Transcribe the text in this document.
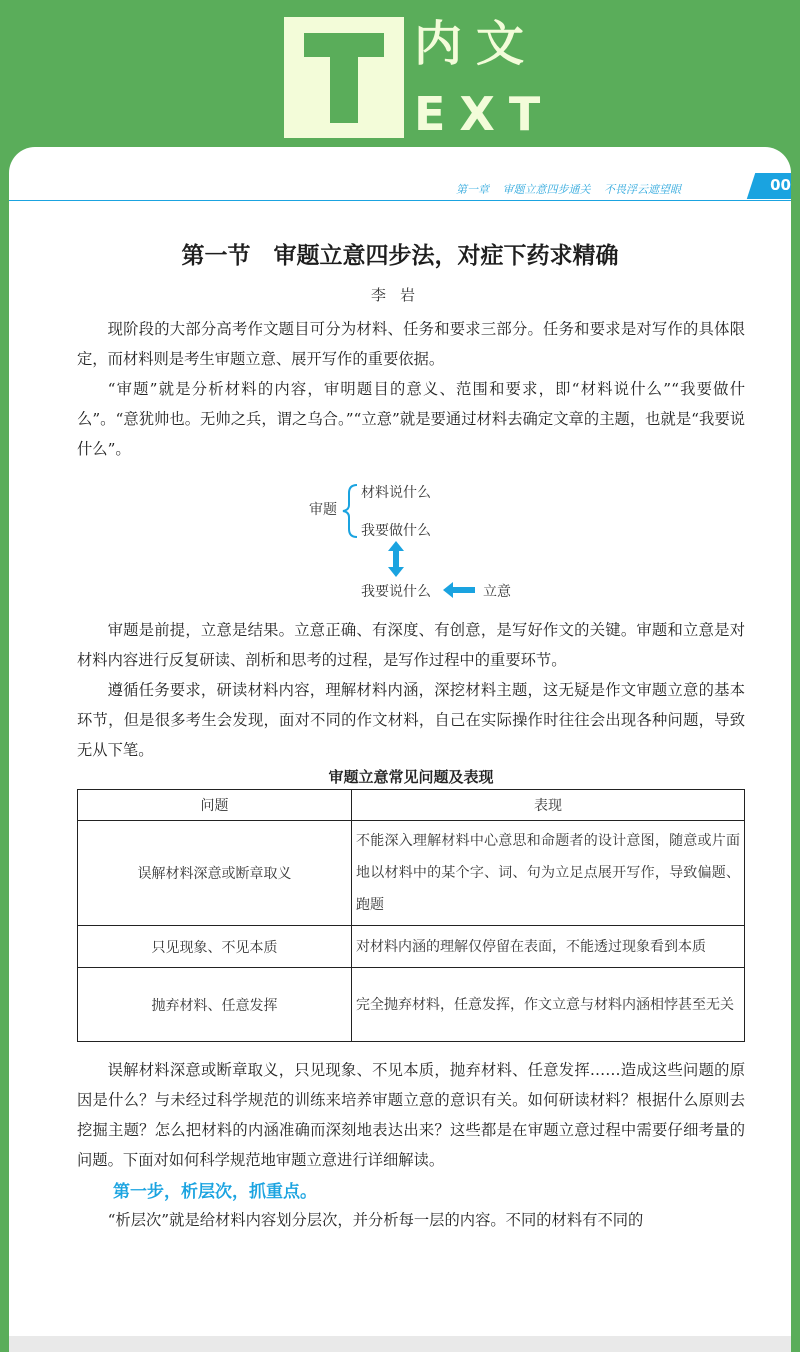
内文
EXT
第一章 审题立意四步通关 不畏浮云遮望眼	00
第一节　审题立意四步法，对症下药求精确
李岩

现阶段的大部分高考作文题目可分为材料、任务和要求三部分。任务和要求是对写作的具体限定，而材料则是考生审题立意、展开写作的重要依据。

“审题”就是分析材料的内容，审明题目的意义、范围和要求，即“材料说什么”“我要做什么”。“意犹帅也。无帅之兵，谓之乌合。”“立意”就是要通过材料去确定文章的主题，也就是“我要说什么”。

审题
材料说什么
我要做什么
我要说什么	立意

审题是前提，立意是结果。立意正确、有深度、有创意，是写好作文的关键。审题和立意是对材料内容进行反复研读、剖析和思考的过程，是写作过程中的重要环节。

遵循任务要求，研读材料内容，理解材料内涵，深挖材料主题，这无疑是作文审题立意的基本环节，但是很多考生会发现，面对不同的作文材料，自己在实际操作时往往会出现各种问题，导致无从下笔。

审题立意常见问题及表现
问题	表现
误解材料深意或断章取义	不能深入理解材料中心意思和命题者的设计意图，随意或片面地以材料中的某个字、词、句为立足点展开写作，导致偏题、跑题
只见现象、不见本质	对材料内涵的理解仅停留在表面，不能透过现象看到本质
抛弃材料、任意发挥	完全抛弃材料，任意发挥，作文立意与材料内涵相悖甚至无关

误解材料深意或断章取义，只见现象、不见本质，抛弃材料、任意发挥……造成这些问题的原因是什么？与未经过科学规范的训练来培养审题立意的意识有关。如何研读材料？根据什么原则去挖掘主题？怎么把材料的内涵准确而深刻地表达出来？这些都是在审题立意过程中需要仔细考量的问题。下面对如何科学规范地审题立意进行详细解读。

第一步，析层次，抓重点。

“析层次”就是给材料内容划分层次，并分析每一层的内容。不同的材料有不同的
